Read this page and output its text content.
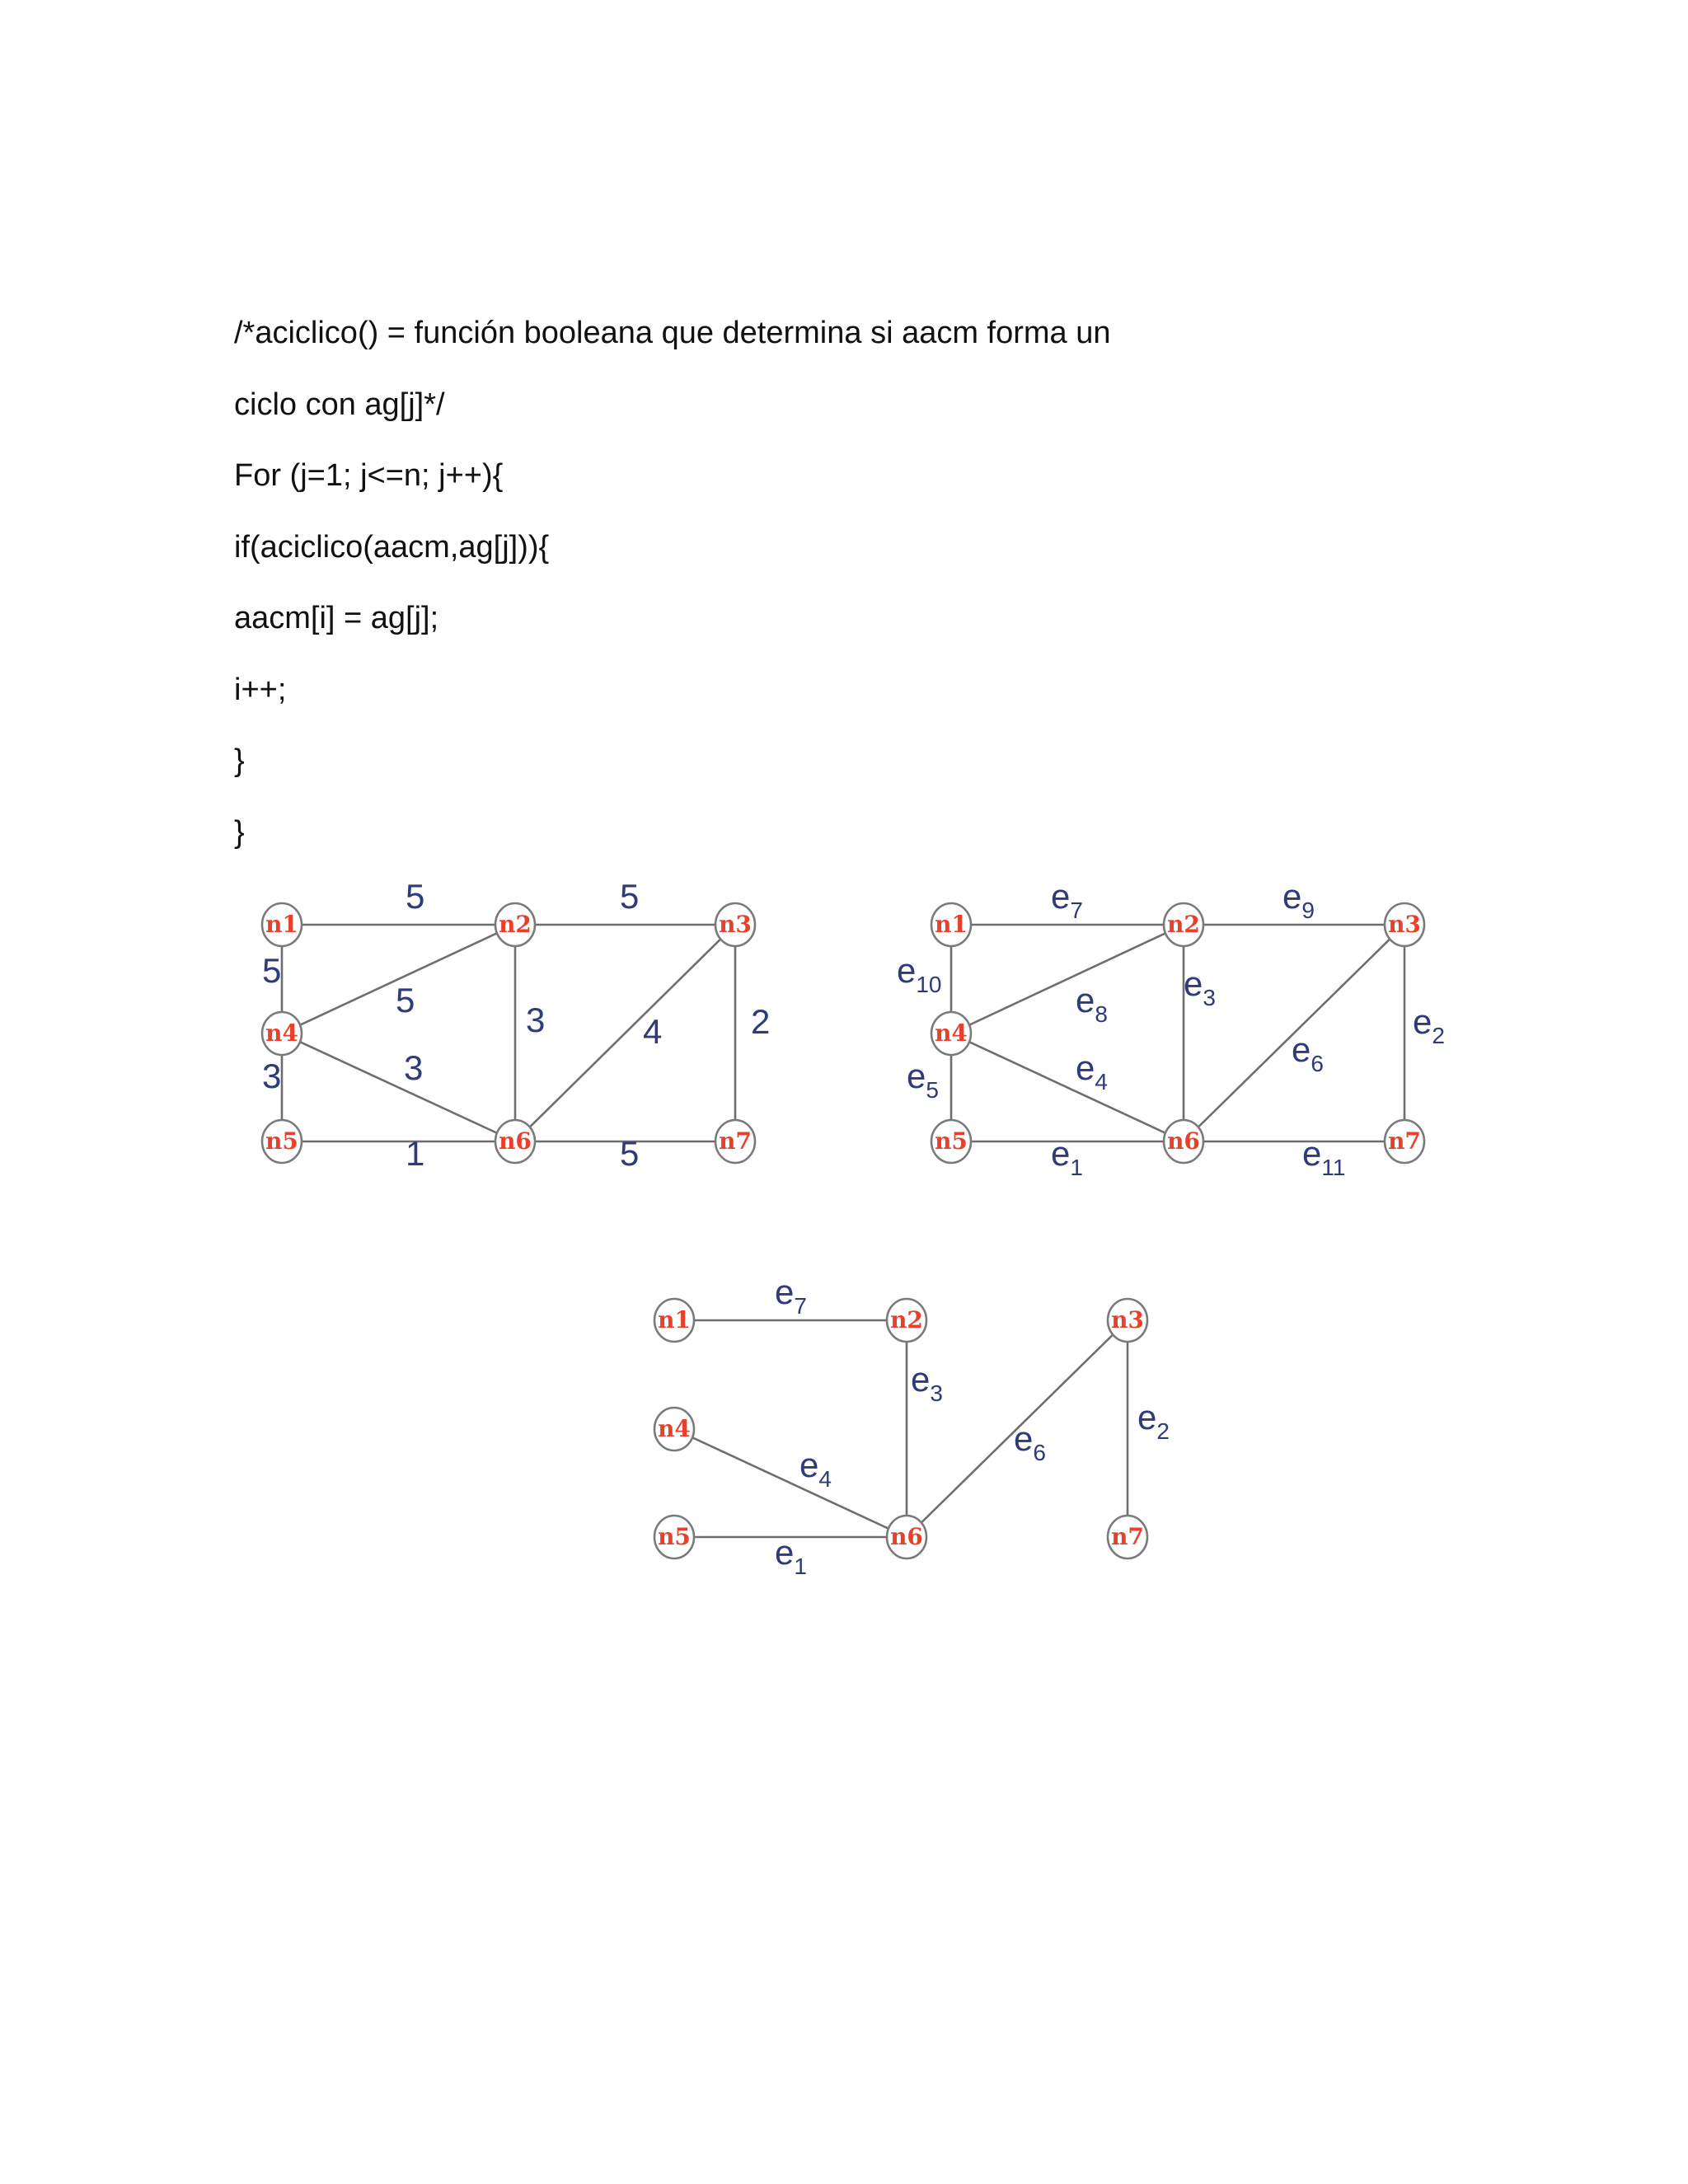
/*aciclico() = función booleana que determina si aacm forma un
ciclo con ag[j]*/
For (j=1; j<=n; j++){
if(aciclico(aacm,ag[j])){
aacm[i] = ag[j];
i++;
}
}
5	5
5
5
3	4	2
3
3
1	5
n1	n2	n3
n4
n5	n6	n7
$e_7$	$e_9$
$e_{10}$	$e_8$
$e_3$
$e_6$
$e_2$
$e_4$
$e_5$
$e_1$	$e_{11}$
n1	n2	n3
n4
n5	n6	n7
$e_7$
$e_3$
$e_4$
$e_1$
$e_6$
$e_2$
n1	n2	n3
n4
n5	n6	n7
